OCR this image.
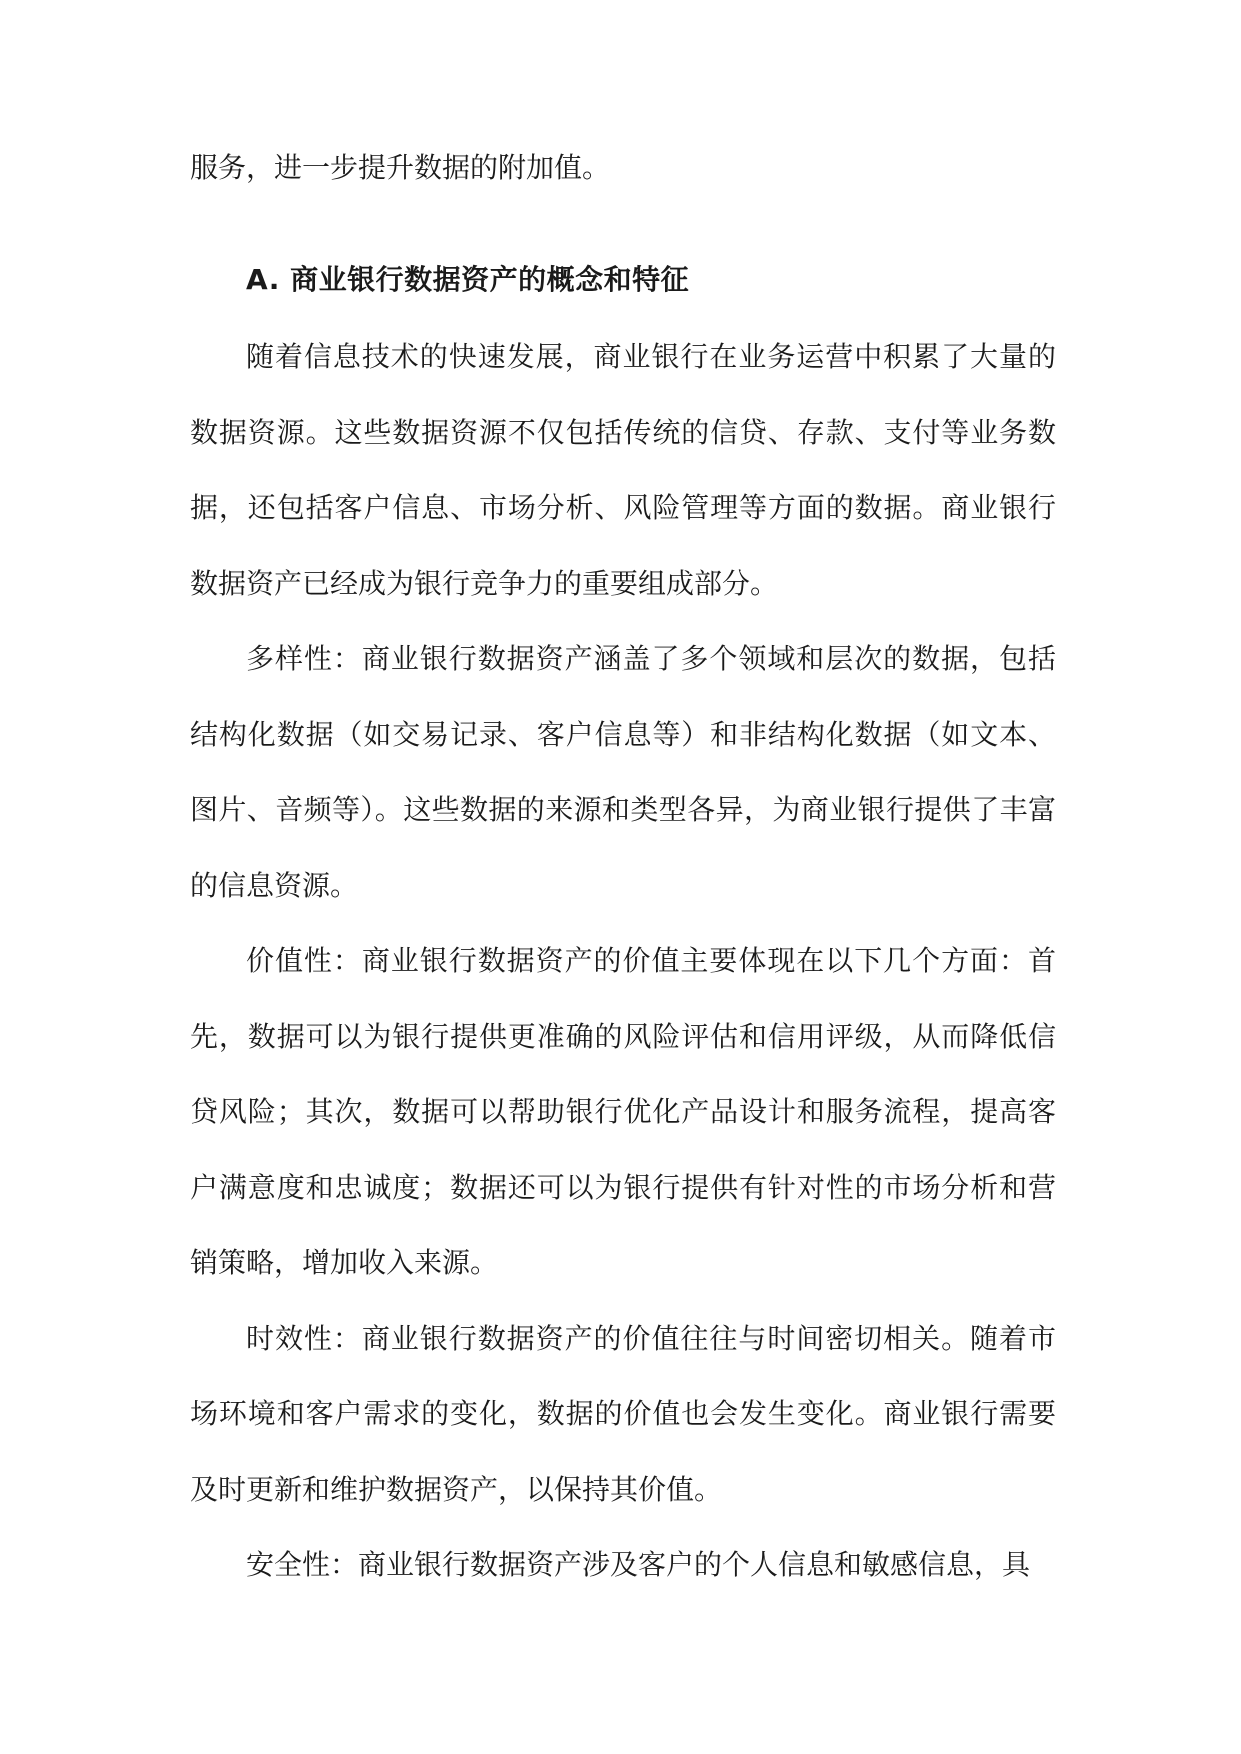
服务，进一步提升数据的附加值。

A. 商业银行数据资产的概念和特征

随着信息技术的快速发展，商业银行在业务运营中积累了大量的数据资源。这些数据资源不仅包括传统的信贷、存款、支付等业务数据，还包括客户信息、市场分析、风险管理等方面的数据。商业银行数据资产已经成为银行竞争力的重要组成部分。

多样性：商业银行数据资产涵盖了多个领域和层次的数据，包括结构化数据（如交易记录、客户信息等）和非结构化数据（如文本、图片、音频等）。这些数据的来源和类型各异，为商业银行提供了丰富的信息资源。

价值性：商业银行数据资产的价值主要体现在以下几个方面：首先，数据可以为银行提供更准确的风险评估和信用评级，从而降低信贷风险；其次，数据可以帮助银行优化产品设计和服务流程，提高客户满意度和忠诚度；数据还可以为银行提供有针对性的市场分析和营销策略，增加收入来源。

时效性：商业银行数据资产的价值往往与时间密切相关。随着市场环境和客户需求的变化，数据的价值也会发生变化。商业银行需要及时更新和维护数据资产，以保持其价值。

安全性：商业银行数据资产涉及客户的个人信息和敏感信息，具
